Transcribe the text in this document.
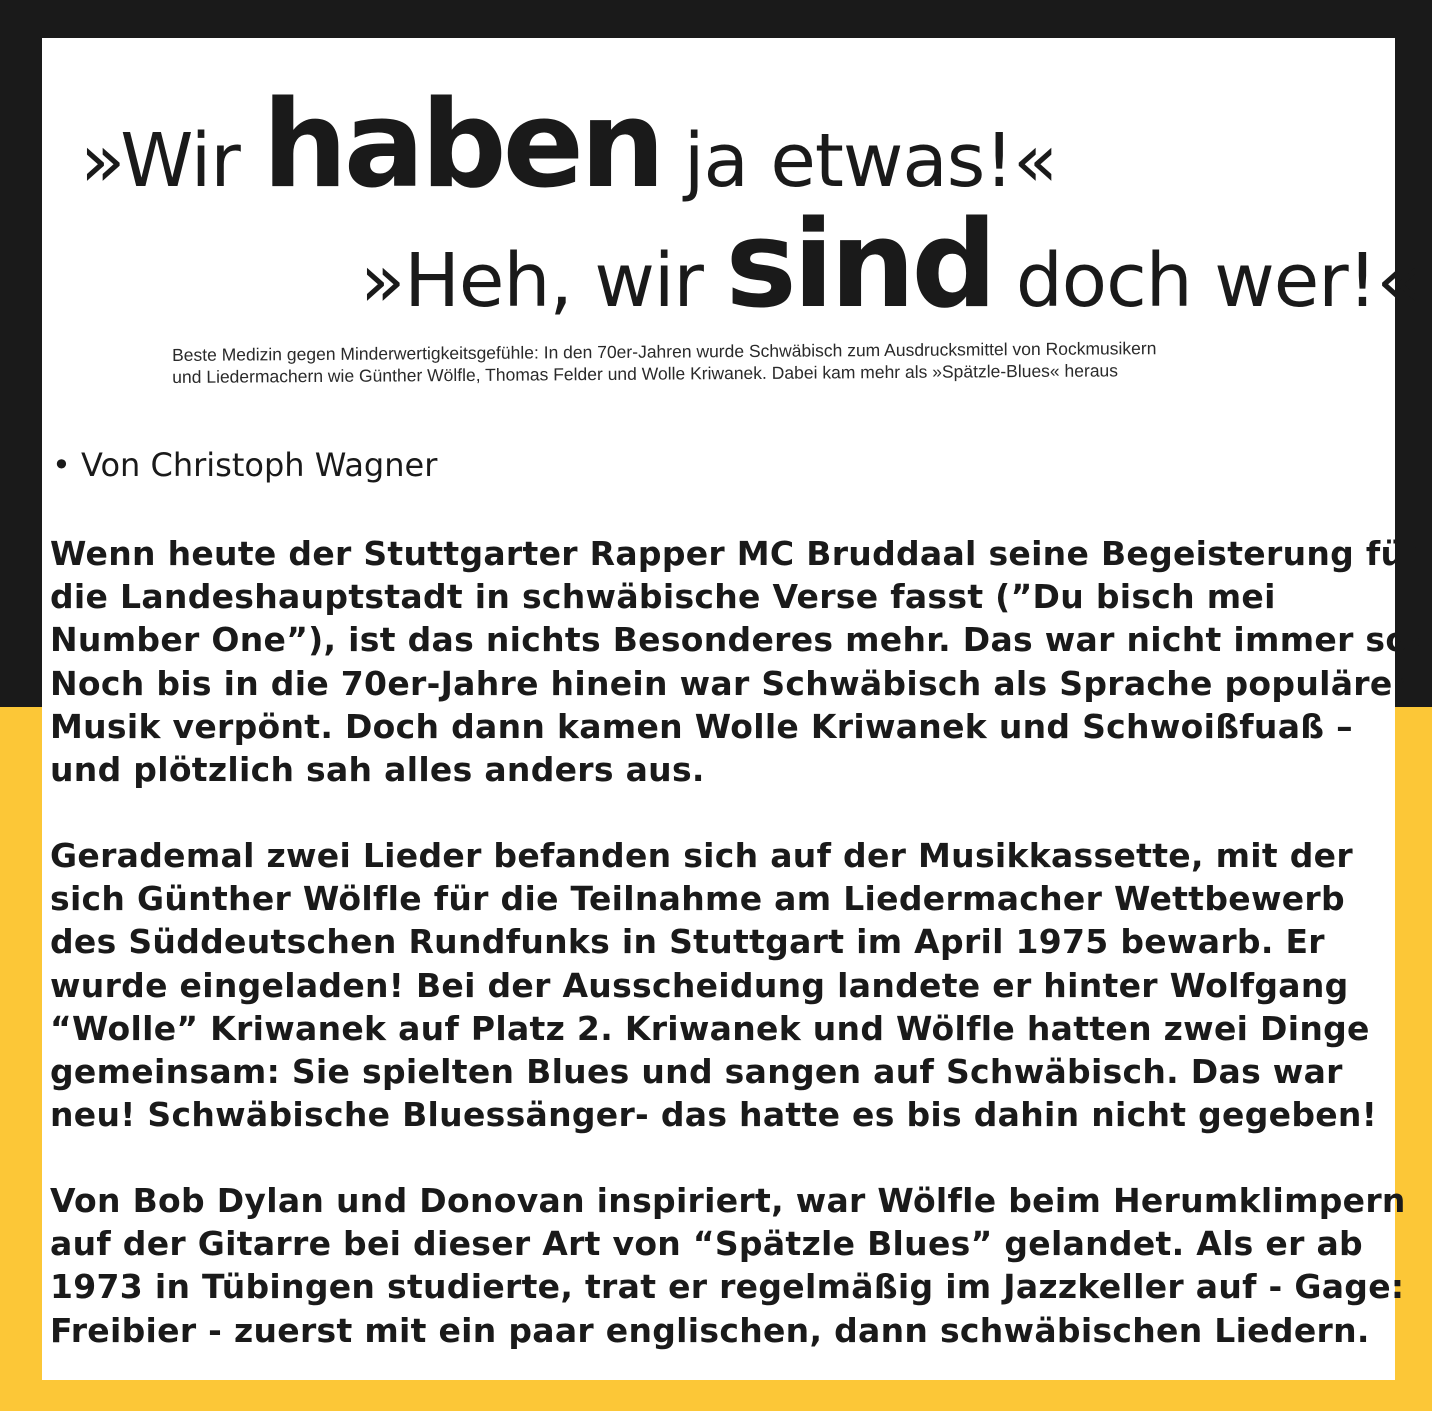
»Wir haben ja etwas!«
»Heh, wir sind doch wer!«
Beste Medizin gegen Minderwertigkeitsgefühle: In den 70er-Jahren wurde Schwäbisch zum Ausdrucksmittel von Rockmusikern
und Liedermachern wie Günther Wölfle, Thomas Felder und Wolle Kriwanek. Dabei kam mehr als »Spätzle-Blues« heraus
• Von Christoph Wagner
Wenn heute der Stuttgarter Rapper MC Bruddaal seine Begeisterung für
die Landeshauptstadt in schwäbische Verse fasst (”Du bisch mei
Number One”), ist das nichts Besonderes mehr. Das war nicht immer so!
Noch bis in die 70er-Jahre hinein war Schwäbisch als Sprache populärer
Musik verpönt. Doch dann kamen Wolle Kriwanek und Schwoißfuaß –
und plötzlich sah alles anders aus.
Gerademal zwei Lieder befanden sich auf der Musikkassette, mit der
sich Günther Wölfle für die Teilnahme am Liedermacher Wettbewerb
des Süddeutschen Rundfunks in Stuttgart im April 1975 bewarb. Er
wurde eingeladen! Bei der Ausscheidung landete er hinter Wolfgang
“Wolle” Kriwanek auf Platz 2. Kriwanek und Wölfle hatten zwei Dinge
gemeinsam: Sie spielten Blues und sangen auf Schwäbisch. Das war
neu! Schwäbische Bluessänger- das hatte es bis dahin nicht gegeben!
Von Bob Dylan und Donovan inspiriert, war Wölfle beim Herumklimpern
auf der Gitarre bei dieser Art von “Spätzle Blues” gelandet. Als er ab
1973 in Tübingen studierte, trat er regelmäßig im Jazzkeller auf - Gage:
Freibier - zuerst mit ein paar englischen, dann schwäbischen Liedern.
